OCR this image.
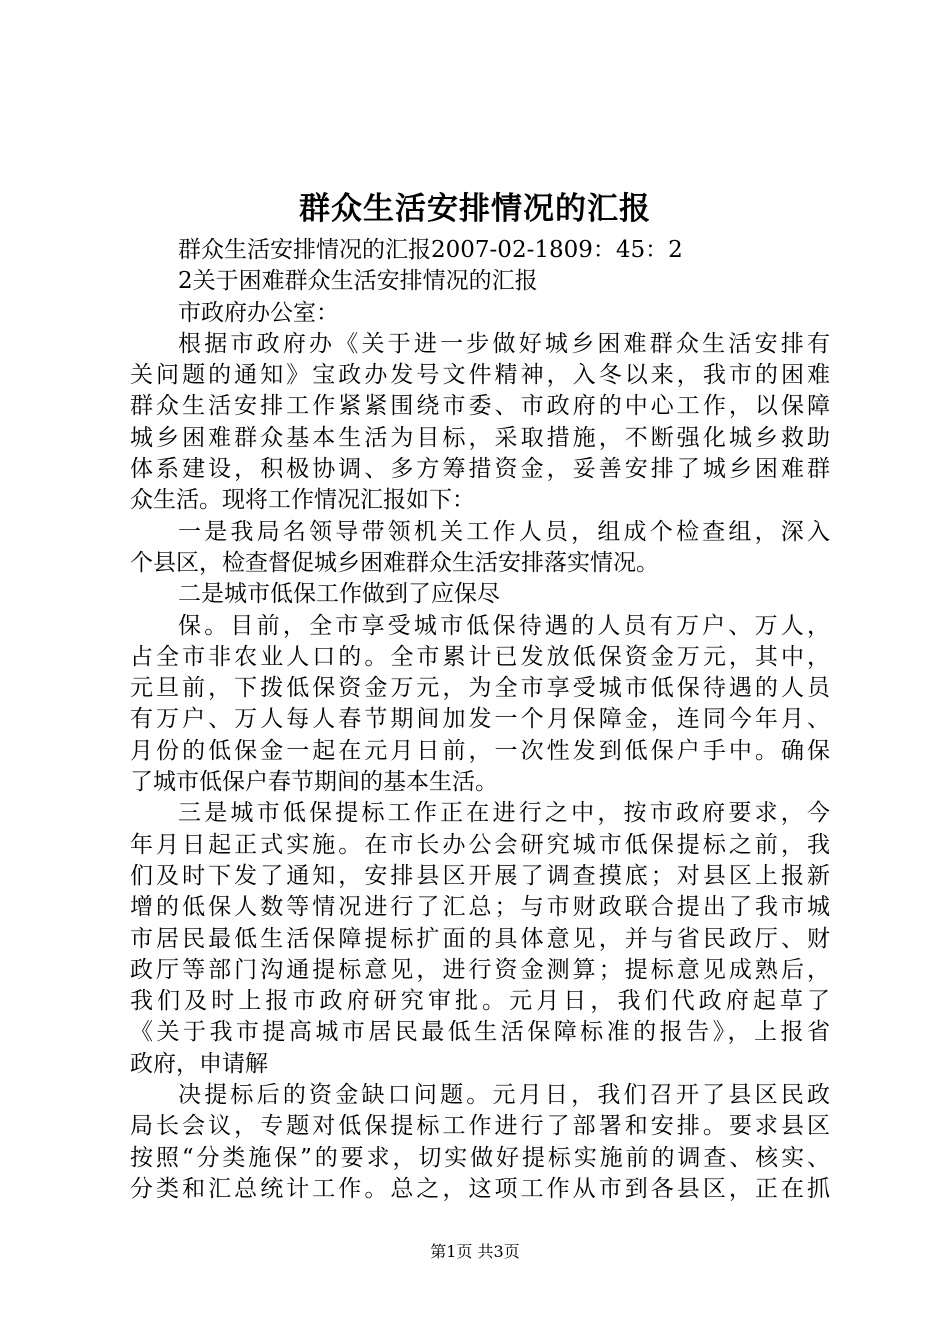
群众生活安排情况的汇报
群众生活安排情况的汇报2007-02-1809：45：2
2关于困难群众生活安排情况的汇报
市政府办公室：
根据市政府办《关于进一步做好城乡困难群众生活安排有
关问题的通知》宝政办发号文件精神，入冬以来，我市的困难
群众生活安排工作紧紧围绕市委、市政府的中心工作，以保障
城乡困难群众基本生活为目标，采取措施，不断强化城乡救助
体系建设，积极协调、多方筹措资金，妥善安排了城乡困难群
众生活。现将工作情况汇报如下：
一是我局名领导带领机关工作人员，组成个检查组，深入
个县区，检查督促城乡困难群众生活安排落实情况。
二是城市低保工作做到了应保尽
保。目前，全市享受城市低保待遇的人员有万户、万人，
占全市非农业人口的。全市累计已发放低保资金万元，其中，
元旦前，下拨低保资金万元，为全市享受城市低保待遇的人员
有万户、万人每人春节期间加发一个月保障金，连同今年月、
月份的低保金一起在元月日前，一次性发到低保户手中。确保
了城市低保户春节期间的基本生活。
三是城市低保提标工作正在进行之中，按市政府要求，今
年月日起正式实施。在市长办公会研究城市低保提标之前，我
们及时下发了通知，安排县区开展了调查摸底；对县区上报新
增的低保人数等情况进行了汇总；与市财政联合提出了我市城
市居民最低生活保障提标扩面的具体意见，并与省民政厅、财
政厅等部门沟通提标意见，进行资金测算；提标意见成熟后，
我们及时上报市政府研究审批。元月日，我们代政府起草了
《关于我市提高城市居民最低生活保障标准的报告》，上报省
政府，申请解
决提标后的资金缺口问题。元月日，我们召开了县区民政
局长会议，专题对低保提标工作进行了部署和安排。要求县区
按照“分类施保”的要求，切实做好提标实施前的调查、核实、
分类和汇总统计工作。总之，这项工作从市到各县区，正在抓
第1页 共3页
